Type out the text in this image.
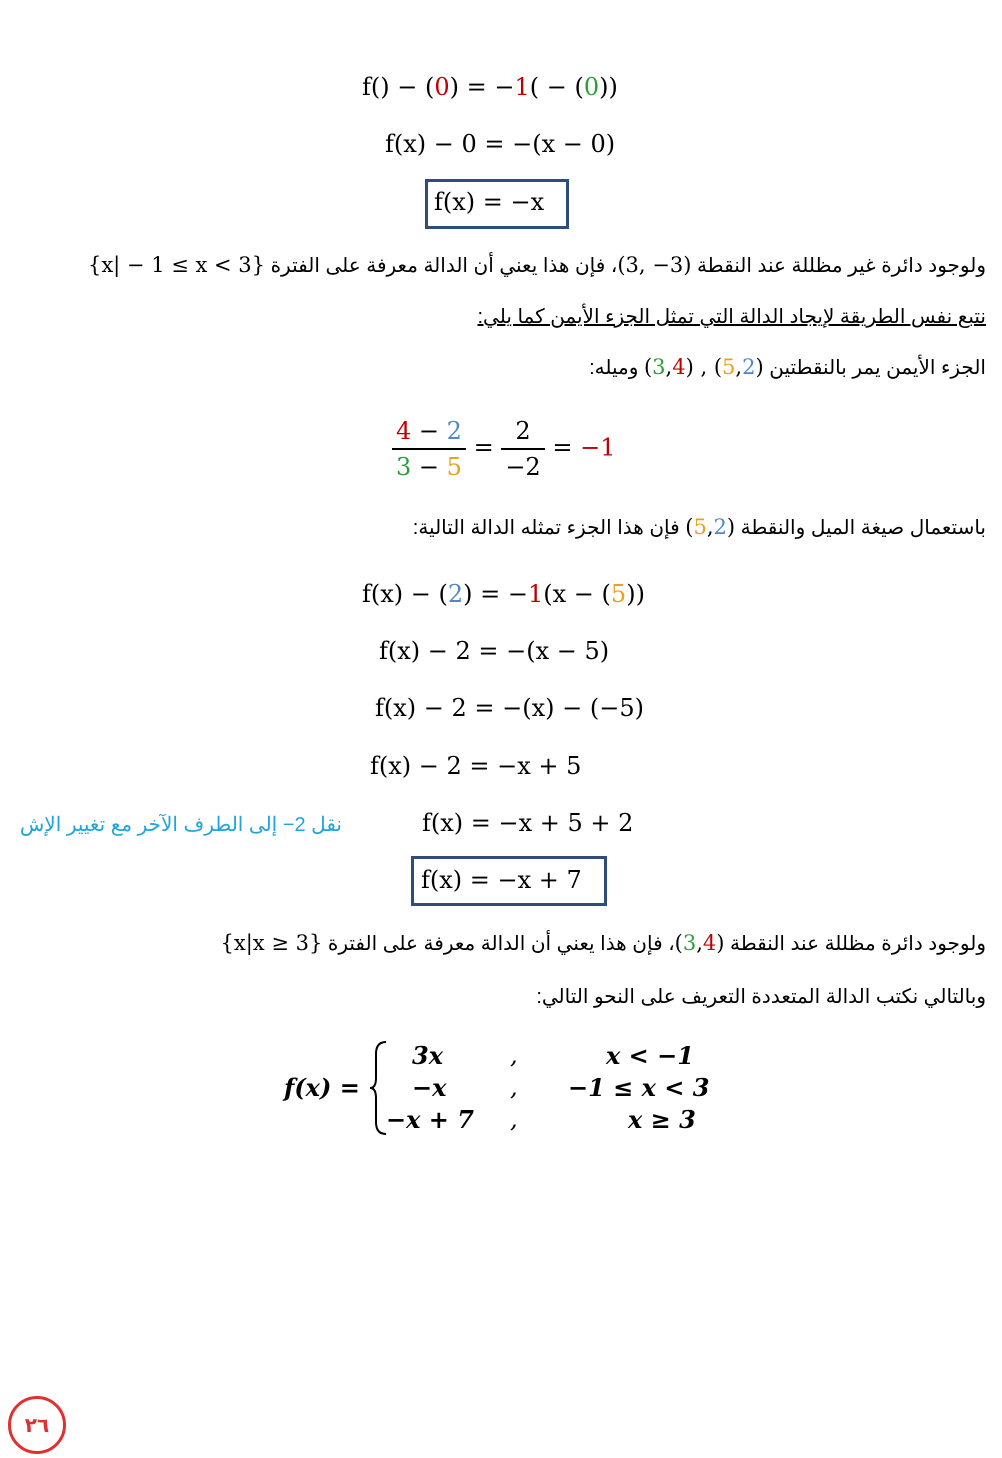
f() − (0) = −1( − (0))
f(x) − 0 = −(x − 0)
f(x) = −x
ولوجود دائرة غير مظللة عند النقطة (3, −3)، فإن هذا يعني أن الدالة معرفة على الفترة {x| − 1 ≤ x < 3}
نتبع نفس الطريقة لإيجاد الدالة التي تمثل الجزء الأيمن كما يلي:
الجزء الأيمن يمر بالنقطتين (3,4) , (5,2) وميله:
$\frac{4 - 2}{3 - 5} = \frac{2}{-2} = -1$
باستعمال صيغة الميل والنقطة (5,2) فإن هذا الجزء تمثله الدالة التالية:
f(x) − (2) = −1(x − (5))
f(x) − 2 = −(x − 5)
f(x) − 2 = −(x) − (−5)
f(x) − 2 = −x + 5
f(x) = −x + 5 + 2
نقل 2− إلى الطرف الآخر مع تغيير الإش
f(x) = −x + 7
ولوجود دائرة مظللة عند النقطة (3,4)، فإن هذا يعني أن الدالة معرفة على الفترة {x|x ≥ 3}
وبالتالي نكتب الدالة المتعددة التعريف على النحو التالي:
f(x) =
3x
−x
−x + 7
,
,
,
x < −1
−1 ≤ x < 3
x ≥ 3
٢٦
